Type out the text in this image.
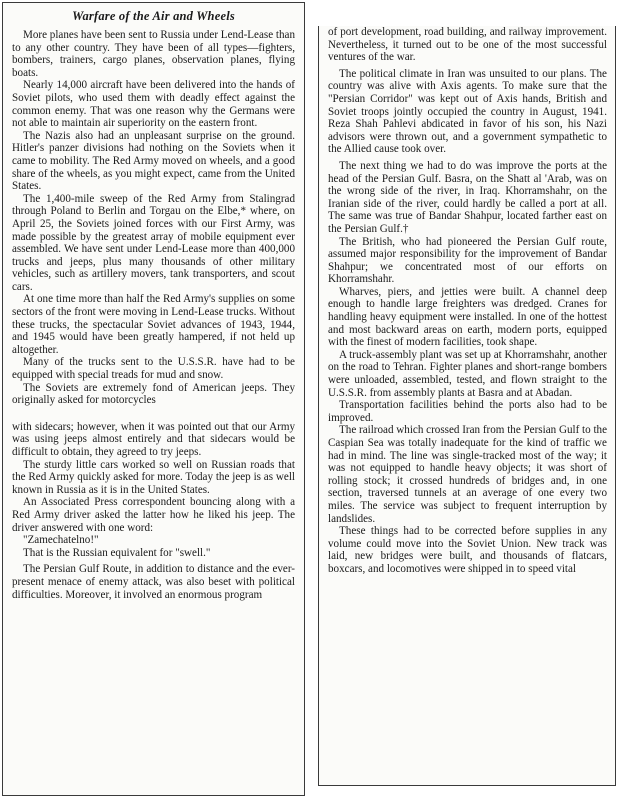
Warfare of the Air and Wheels

More planes have been sent to Russia under Lend-Lease than to any other country. They have been of all types—fighters, bombers, trainers, cargo planes, observation planes, flying boats.

Nearly 14,000 aircraft have been delivered into the hands of Soviet pilots, who used them with deadly effect against the common enemy. That was one reason why the Germans were not able to maintain air superiority on the eastern front.

The Nazis also had an unpleasant surprise on the ground. Hitler's panzer divisions had nothing on the Soviets when it came to mobility. The Red Army moved on wheels, and a good share of the wheels, as you might expect, came from the United States.

The 1,400-mile sweep of the Red Army from Stalingrad through Poland to Berlin and Torgau on the Elbe,* where, on April 25, the Soviets joined forces with our First Army, was made possible by the greatest array of mobile equipment ever assembled. We have sent under Lend-Lease more than 400,000 trucks and jeeps, plus many thousands of other military vehicles, such as artillery movers, tank transporters, and scout cars.

At one time more than half the Red Army's supplies on some sectors of the front were moving in Lend-Lease trucks. Without these trucks, the spectacular Soviet advances of 1943, 1944, and 1945 would have been greatly hampered, if not held up altogether.

Many of the trucks sent to the U.S.S.R. have had to be equipped with special treads for mud and snow.

The Soviets are extremely fond of American jeeps. They originally asked for motorcycles

with sidecars; however, when it was pointed out that our Army was using jeeps almost entirely and that sidecars would be difficult to obtain, they agreed to try jeeps.

The sturdy little cars worked so well on Russian roads that the Red Army quickly asked for more. Today the jeep is as well known in Russia as it is in the United States.

An Associated Press correspondent bouncing along with a Red Army driver asked the latter how he liked his jeep. The driver answered with one word:

"Zamechatelno!"

That is the Russian equivalent for "swell."

The Persian Gulf Route, in addition to distance and the ever-present menace of enemy attack, was also beset with political difficulties. Moreover, it involved an enormous program

of port development, road building, and railway improvement. Nevertheless, it turned out to be one of the most successful ventures of the war.

The political climate in Iran was unsuited to our plans. The country was alive with Axis agents. To make sure that the "Persian Corridor" was kept out of Axis hands, British and Soviet troops jointly occupied the country in August, 1941. Reza Shah Pahlevi abdicated in favor of his son, his Nazi advisors were thrown out, and a government sympathetic to the Allied cause took over.

The next thing we had to do was improve the ports at the head of the Persian Gulf. Basra, on the Shatt al 'Arab, was on the wrong side of the river, in Iraq. Khorramshahr, on the Iranian side of the river, could hardly be called a port at all. The same was true of Bandar Shahpur, located farther east on the Persian Gulf.†

The British, who had pioneered the Persian Gulf route, assumed major responsibility for the improvement of Bandar Shahpur; we concentrated most of our efforts on Khorramshahr.

Wharves, piers, and jetties were built. A channel deep enough to handle large freighters was dredged. Cranes for handling heavy equipment were installed. In one of the hottest and most backward areas on earth, modern ports, equipped with the finest of modern facilities, took shape.

A truck-assembly plant was set up at Khorramshahr, another on the road to Tehran. Fighter planes and short-range bombers were unloaded, assembled, tested, and flown straight to the U.S.S.R. from assembly plants at Basra and at Abadan.

Transportation facilities behind the ports also had to be improved.

The railroad which crossed Iran from the Persian Gulf to the Caspian Sea was totally inadequate for the kind of traffic we had in mind. The line was single-tracked most of the way; it was not equipped to handle heavy objects; it was short of rolling stock; it crossed hundreds of bridges and, in one section, traversed tunnels at an average of one every two miles. The service was subject to frequent interruption by landslides.

These things had to be corrected before supplies in any volume could move into the Soviet Union. New track was laid, new bridges were built, and thousands of flatcars, boxcars, and locomotives were shipped in to speed vital
